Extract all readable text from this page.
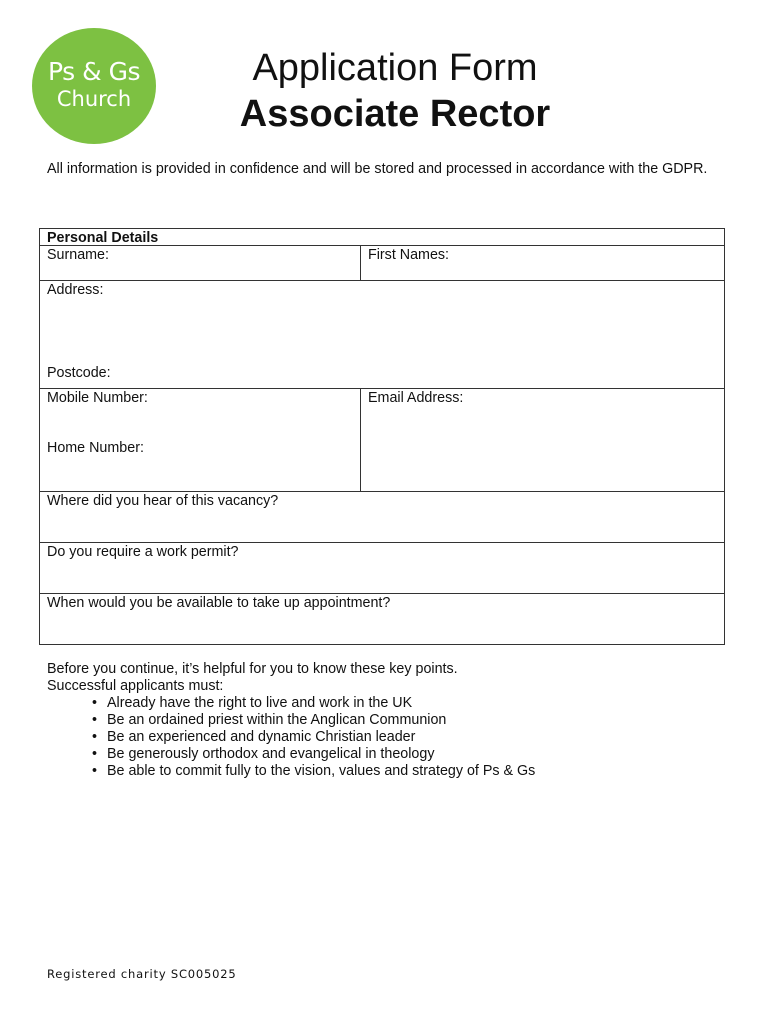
Ps & Gs
Church
Application Form
Associate Rector
All information is provided in confidence and will be stored and processed in accordance with the GDPR.
Personal Details
Surname:	First Names:
Address:
Postcode:
Mobile Number:
Home Number:
Email Address:
Where did you hear of this vacancy?
Do you require a work permit?
When would you be available to take up appointment?
Before you continue, it’s helpful for you to know these key points.
Successful applicants must:
• Already have the right to live and work in the UK
• Be an ordained priest within the Anglican Communion
• Be an experienced and dynamic Christian leader
• Be generously orthodox and evangelical in theology
• Be able to commit fully to the vision, values and strategy of Ps & Gs
Registered charity SC005025
